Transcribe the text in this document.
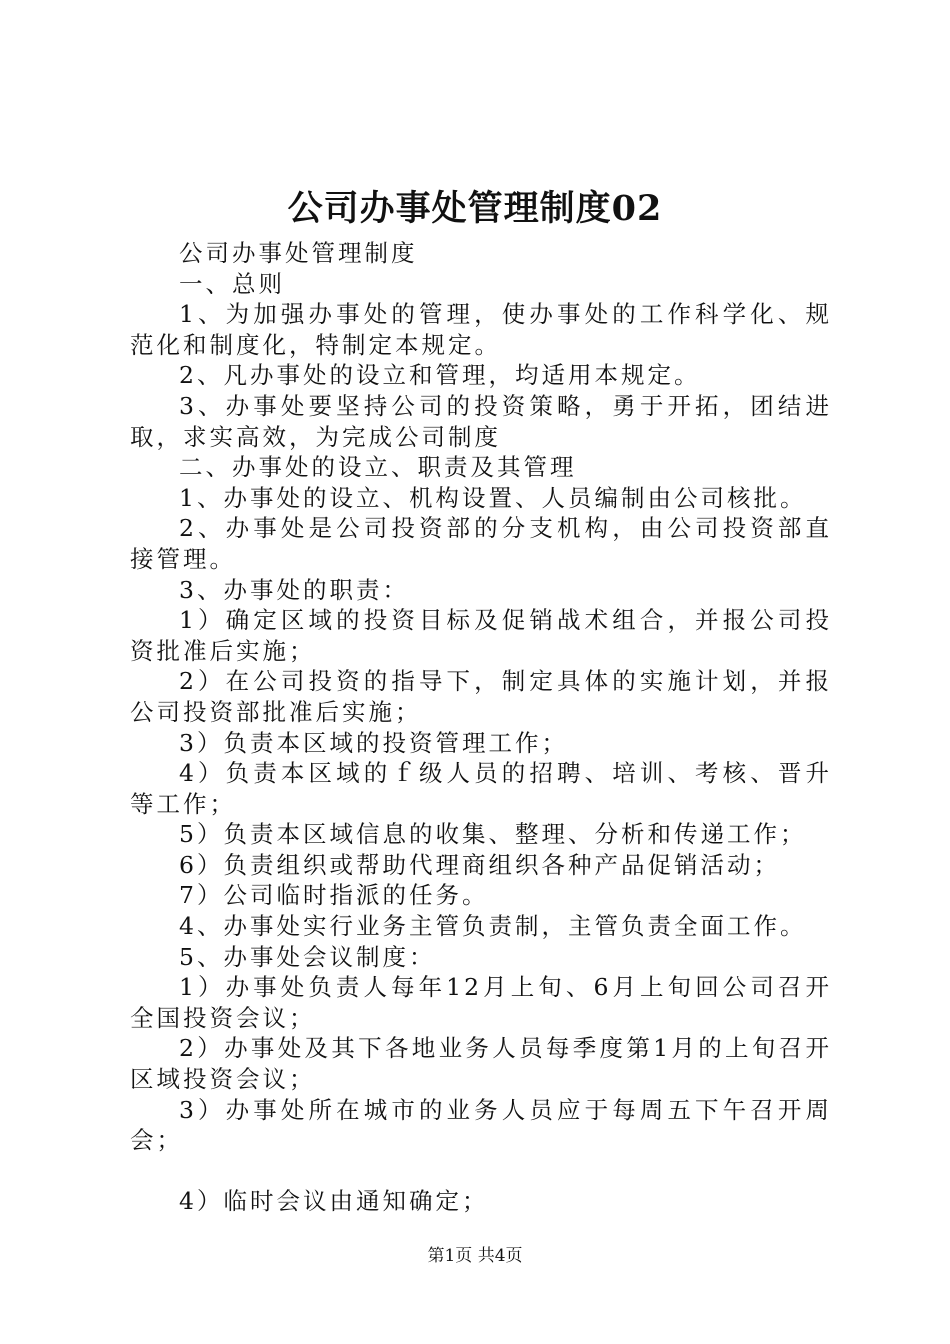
公司办事处管理制度02

公司办事处管理制度

一、总则

1、为加强办事处的管理，使办事处的工作科学化、规范化和制度化，特制定本规定。

2、凡办事处的设立和管理，均适用本规定。

3、办事处要坚持公司的投资策略，勇于开拓，团结进取，求实高效，为完成公司制度

二、办事处的设立、职责及其管理

1、办事处的设立、机构设置、人员编制由公司核批。

2、办事处是公司投资部的分支机构，由公司投资部直接管理。

3、办事处的职责：

1）确定区域的投资目标及促销战术组合，并报公司投资批准后实施；

2）在公司投资的指导下，制定具体的实施计划，并报公司投资部批准后实施；

3）负责本区域的投资管理工作；

4）负责本区域的ｆ级人员的招聘、培训、考核、晋升等工作；

5）负责本区域信息的收集、整理、分析和传递工作；

6）负责组织或帮助代理商组织各种产品促销活动；

7）公司临时指派的任务。

4、办事处实行业务主管负责制，主管负责全面工作。

5、办事处会议制度：

1）办事处负责人每年12月上旬、6月上旬回公司召开全国投资会议；

2）办事处及其下各地业务人员每季度第1月的上旬召开区域投资会议；

3）办事处所在城市的业务人员应于每周五下午召开周会；

4）临时会议由通知确定；

第1页 共4页
